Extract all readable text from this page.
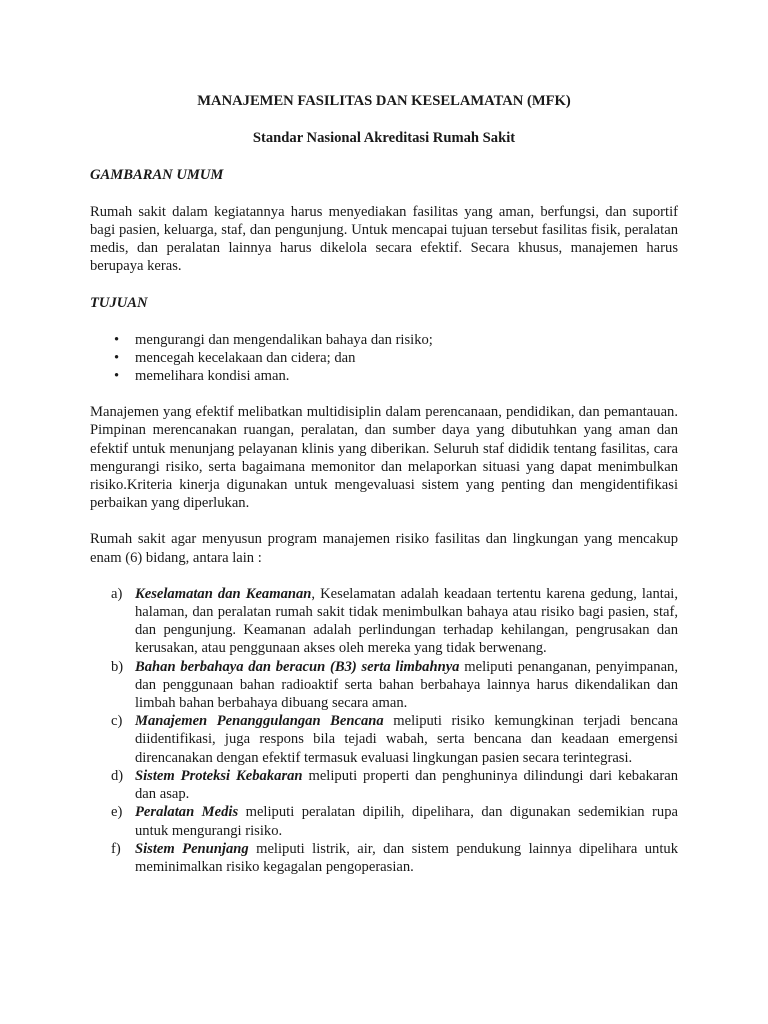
MANAJEMEN FASILITAS DAN KESELAMATAN (MFK)

Standar Nasional Akreditasi Rumah Sakit

GAMBARAN UMUM

Rumah sakit dalam kegiatannya harus menyediakan fasilitas yang aman, berfungsi, dan suportif bagi pasien, keluarga, staf, dan pengunjung. Untuk mencapai tujuan tersebut fasilitas fisik, peralatan medis, dan peralatan lainnya harus dikelola secara efektif. Secara khusus, manajemen harus berupaya keras.

TUJUAN

• mengurangi dan mengendalikan bahaya dan risiko;
• mencegah kecelakaan dan cidera; dan
• memelihara kondisi aman.

Manajemen yang efektif melibatkan multidisiplin dalam perencanaan, pendidikan, dan pemantauan. Pimpinan merencanakan ruangan, peralatan, dan sumber daya yang dibutuhkan yang aman dan efektif untuk menunjang pelayanan klinis yang diberikan. Seluruh staf dididik tentang fasilitas, cara mengurangi risiko, serta bagaimana memonitor dan melaporkan situasi yang dapat menimbulkan risiko.Kriteria kinerja digunakan untuk mengevaluasi sistem yang penting dan mengidentifikasi perbaikan yang diperlukan.

Rumah sakit agar menyusun program manajemen risiko fasilitas dan lingkungan yang mencakup enam (6) bidang, antara lain :

a) Keselamatan dan Keamanan, Keselamatan adalah keadaan tertentu karena gedung, lantai, halaman, dan peralatan rumah sakit tidak menimbulkan bahaya atau risiko bagi pasien, staf, dan pengunjung. Keamanan adalah perlindungan terhadap kehilangan, pengrusakan dan kerusakan, atau penggunaan akses oleh mereka yang tidak berwenang.
b) Bahan berbahaya dan beracun (B3) serta limbahnya meliputi penanganan, penyimpanan, dan penggunaan bahan radioaktif serta bahan berbahaya lainnya harus dikendalikan dan limbah bahan berbahaya dibuang secara aman.
c) Manajemen Penanggulangan Bencana meliputi risiko kemungkinan terjadi bencana diidentifikasi, juga respons bila tejadi wabah, serta bencana dan keadaan emergensi direncanakan dengan efektif termasuk evaluasi lingkungan pasien secara terintegrasi.
d) Sistem Proteksi Kebakaran meliputi properti dan penghuninya dilindungi dari kebakaran dan asap.
e) Peralatan Medis meliputi peralatan dipilih, dipelihara, dan digunakan sedemikian rupa untuk mengurangi risiko.
f) Sistem Penunjang meliputi listrik, air, dan sistem pendukung lainnya dipelihara untuk meminimalkan risiko kegagalan pengoperasian.
